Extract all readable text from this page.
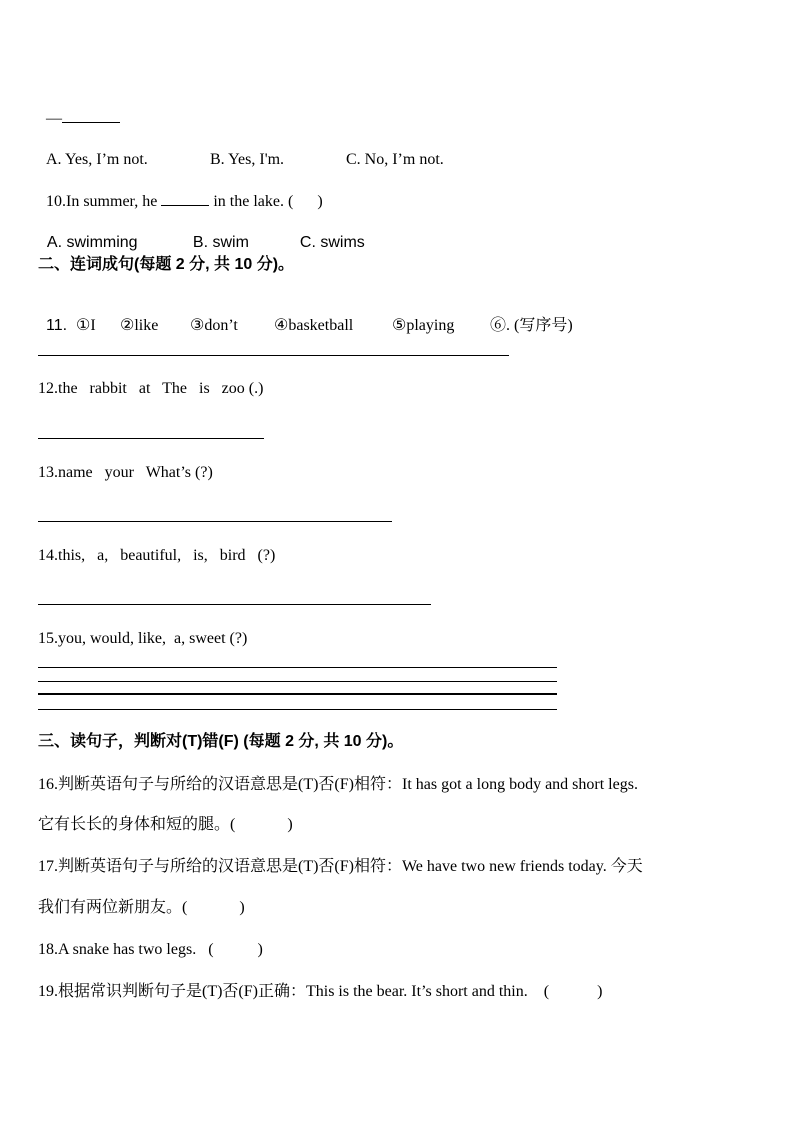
—

A. Yes, I’m not.	B. Yes, I'm.	C. No, I’m not.

10.In summer, he	in the lake. (      )

A. swimming	B. swim	C. swims

二、连词成句(每题 2 分, 共 10 分)。

11. ①I ②like ③don’t ④basketball ⑤playing ⑥. (写序号)

12.the   rabbit   at   The   is   zoo (.)
13.name   your   What’s (?)
14.this,   a,   beautiful,   is,   bird   (?)
15.you, would, like,  a, sweet (?)
三、读句子，判断对(T)错(F) (每题 2 分, 共 10 分)。
16.判断英语句子与所给的汉语意思是(T)否(F)相符：It has got a long body and short legs.
它有长长的身体和短的腿。(             )
17.判断英语句子与所给的汉语意思是(T)否(F)相符：We have two new friends today. 今天
我们有两位新朋友。(             )
18.A snake has two legs.   (           )
19.根据常识判断句子是(T)否(F)正确：This is the bear. It’s short and thin.    (            )
